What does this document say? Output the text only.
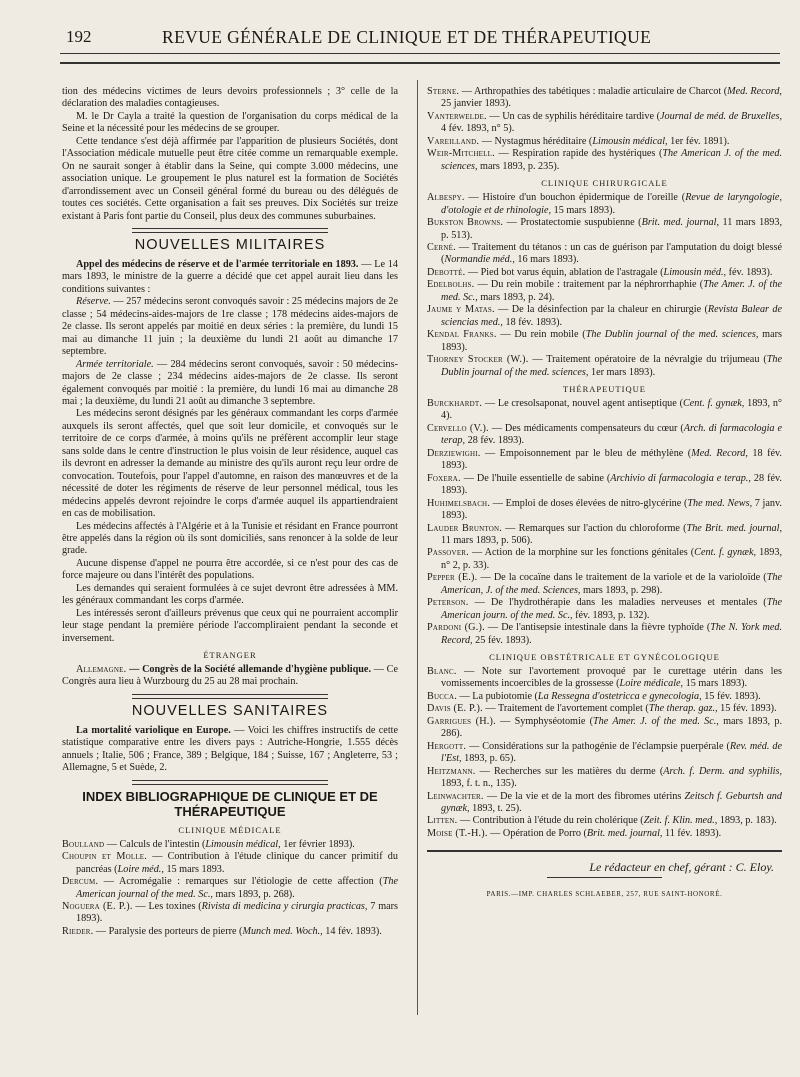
192	REVUE GÉNÉRALE DE CLINIQUE ET DE THÉRAPEUTIQUE

tion des médecins victimes de leurs devoirs professionnels ; 3° celle de la déclaration des maladies contagieuses.

M. le Dr Cayla a traité la question de l'organisation du corps médical de la Seine et la nécessité pour les médecins de se grouper.

Cette tendance s'est déjà affirmée par l'apparition de plusieurs Sociétés, dont l'Association médicale mutuelle peut être citée comme un remarquable exemple. On ne saurait songer à établir dans la Seine, qui compte 3.000 médecins, une association unique. Le groupement le plus naturel est la formation de Sociétés d'arrondissement avec un Conseil général formé du bureau ou des délégués de toutes ces sociétés. Cette organisation a fait ses preuves. Dix Sociétés sur treize existant à Paris font partie du Conseil, plus deux des communes suburbaines.

NOUVELLES MILITAIRES

Appel des médecins de réserve et de l'armée territoriale en 1893. — Le 14 mars 1893, le ministre de la guerre a décidé que cet appel aurait lieu dans les conditions suivantes :

Réserve. — 257 médecins seront convoqués savoir : 25 médecins majors de 2e classe ; 54 médecins-aides-majors de 1re classe ; 178 médecins aides-majors de 2e classe. Ils seront appelés par moitié en deux séries : la première, du lundi 15 mai au dimanche 11 juin ; la deuxième du lundi 21 août au dimanche 17 septembre.

Armée territoriale. — 284 médecins seront convoqués, savoir : 50 médecins-majors de 2e classe ; 234 médecins aides-majors de 2e classe. Ils seront également convoqués par moitié : la première, du lundi 16 mai au dimanche 28 mai ; la deuxième, du lundi 21 août au dimanche 3 septembre.

Les médecins seront désignés par les généraux commandant les corps d'armée auxquels ils seront affectés, quel que soit leur domicile, et convoqués sur le territoire de ce corps d'armée, à moins qu'ils ne préfèrent accomplir leur stage sans solde dans le centre d'instruction le plus voisin de leur résidence, auquel cas ils devront en adresser la demande au ministre des qu'ils auront reçu leur ordre de convocation. Toutefois, pour l'appel d'automne, en raison des manœuvres et de la nécessité de doter les régiments de réserve de leur personnel médical, tous les médecins appelés devront rejoindre le corps d'armée auquel ils appartiendraient en cas de mobilisation.

Les médecins affectés à l'Algérie et à la Tunisie et résidant en France pourront être appelés dans la région où ils sont domiciliés, sans renoncer à la solde de leur grade.

Aucune dispense d'appel ne pourra être accordée, si ce n'est pour des cas de force majeure ou dans l'intérêt des populations.

Les demandes qui seraient formulées à ce sujet devront être adressées à MM. les généraux commandant les corps d'armée.

Les intéressés seront d'ailleurs prévenus que ceux qui ne pourraient accomplir leur stage pendant la première période l'accompliraient pendant la seconde et inversement.

ÉTRANGER

Allemagne. — Congrès de la Société allemande d'hygiène publique. — Ce Congrès aura lieu à Wurzbourg du 25 au 28 mai prochain.

NOUVELLES SANITAIRES

La mortalité variolique en Europe. — Voici les chiffres instructifs de cette statistique comparative entre les divers pays : Autriche-Hongrie, 1.555 décès annuels ; Italie, 506 ; France, 389 ; Belgique, 184 ; Suisse, 167 ; Angleterre, 53 ; Allemagne, 5 et Suède, 2.

INDEX BIBLIOGRAPHIQUE DE CLINIQUE ET DE THÉRAPEUTIQUE
CLINIQUE MÉDICALE

Boulland — Calculs de l'intestin (Limousin médical, 1er février 1893).

Choupin et Molle. — Contribution à l'étude clinique du cancer primitif du pancréas (Loire méd., 15 mars 1893.

Dercum. — Acromégalie : remarques sur l'étiologie de cette affection (The American journal of the med. Sc., mars 1893, p. 268).

Noguera (E. P.). — Les toxines (Rivista di medicina y cirurgia practicas, 7 mars 1893).

Rieder. — Paralysie des porteurs de pierre (Munch med. Woch., 14 fév. 1893).

Sterne. — Arthropathies des tabétiques : maladie articulaire de Charcot (Med. Record, 25 janvier 1893).

Vanterwelde. — Un cas de syphilis héréditaire tardive (Journal de méd. de Bruxelles, 4 fév. 1893, n° 5).

Vareilland. — Nystagmus héréditaire (Limousin médical, 1er fév. 1891).

Weir-Mitchell. — Respiration rapide des hystériques (The American J. of the med. sciences, mars 1893, p. 235).

CLINIQUE CHIRURGICALE

Albespy. — Histoire d'un bouchon épidermique de l'oreille (Revue de laryngologie, d'otologie et de rhinologie, 15 mars 1893).

Bukston Browns. — Prostatectomie suspubienne (Brit. med. journal, 11 mars 1893, p. 513).

Cerné. — Traitement du tétanos : un cas de guérison par l'amputation du doigt blessé (Normandie méd., 16 mars 1893).

Debotté. — Pied bot varus équin, ablation de l'astragale (Limousin méd., fév. 1893).

Edelbolhs. — Du rein mobile : traitement par la néphrorrhaphie (The Amer. J. of the med. Sc., mars 1893, p. 24).

Jaume y Matas. — De la désinfection par la chaleur en chirurgie (Revista Balear de sciencias med., 18 fév. 1893).

Kendal Franks. — Du rein mobile (The Dublin journal of the med. sciences, mars 1893).

Thorney Stocker (W.). — Traitement opératoire de la névralgie du trijumeau (The Dublin journal of the med. sciences, 1er mars 1893).

THÉRAPEUTIQUE

Burckhardt. — Le cresolsaponat, nouvel agent antiseptique (Cent. f. gynæk, 1893, n° 4).

Cervello (V.). — Des médicaments compensateurs du cœur (Arch. di farmacologia e terap, 28 fév. 1893).

Derziewighi. — Empoisonnement par le bleu de méthylène (Med. Record, 18 fév. 1893).

Foxera. — De l'huile essentielle de sabine (Archivio di farmacologia e terap., 28 fév. 1893).

Huhimelsbach. — Emploi de doses élevées de nitro-glycérine (The med. News, 7 janv. 1893).

Lauder Brunton. — Remarques sur l'action du chloroforme (The Brit. med. journal, 11 mars 1893, p. 506).

Passover. — Action de la morphine sur les fonctions génitales (Cent. f. gynæk, 1893, n° 2, p. 33).

Pepper (E.). — De la cocaïne dans le traitement de la variole et de la varioloïde (The American, J. of the med. Sciences, mars 1893, p. 298).

Peterson. — De l'hydrothérapie dans les maladies nerveuses et mentales (The American journ. of the med. Sc., fév. 1893, p. 132).

Pardoni (G.). — De l'antisepsie intestinale dans la fièvre typhoïde (The N. York med. Record, 25 fév. 1893).

CLINIQUE OBSTÉTRICALE ET GYNÉCOLOGIQUE

Blanc. — Note sur l'avortement provoqué par le curettage utérin dans les vomissements incoercibles de la grossesse (Loire médicale, 15 mars 1893).

Bucca. — La pubiotomie (La Ressegna d'ostetricca e gynecologia, 15 fév. 1893).

Davis (E. P.). — Traitement de l'avortement complet (The therap. gaz., 15 fév. 1893).

Garrigues (H.). — Symphyséotomie (The Amer. J. of the med. Sc., mars 1893, p. 286).

Hergott. — Considérations sur la pathogénie de l'éclampsie puerpérale (Rev. méd. de l'Est, 1893, p. 65).

Heitzmann. — Recherches sur les matières du derme (Arch. f. Derm. and syphilis, 1893, f. t. n., 135).

Leinwachter. — De la vie et de la mort des fibromes utérins Zeitsch f. Geburtsh and gynæk, 1893, t. 25).

Litten. — Contribution à l'étude du rein cholérique (Zeit. f. Klin. med., 1893, p. 183).

Moise (T.-H.). — Opération de Porro (Brit. med. journal, 11 fév. 1893).

Le rédacteur en chef, gérant : C. Eloy.
PARIS.—IMP. CHARLES SCHLAEBER, 257, RUE SAINT-HONORÉ.
